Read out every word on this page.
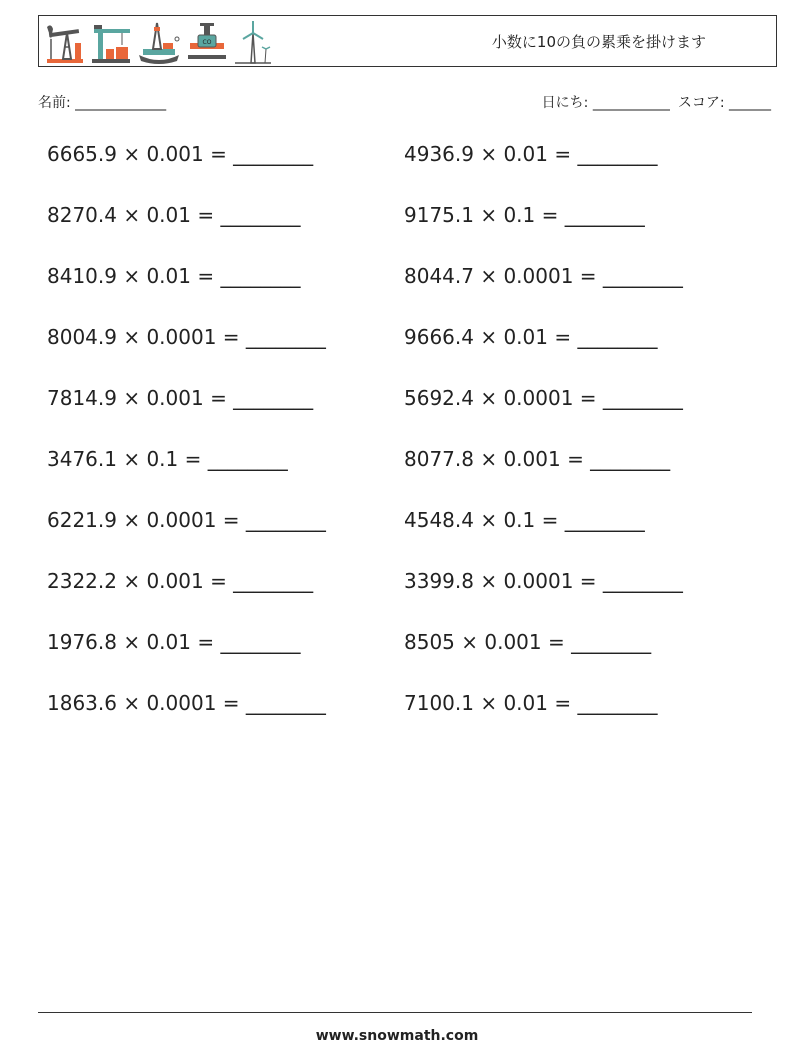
CO	小数に10の負の累乗を掛けます
名前: _____________	日にち: ___________ スコア: ______
6665.9 × 0.001 = ________	4936.9 × 0.01 = ________
8270.4 × 0.01 = ________	9175.1 × 0.1 = ________
8410.9 × 0.01 = ________	8044.7 × 0.0001 = ________
8004.9 × 0.0001 = ________	9666.4 × 0.01 = ________
7814.9 × 0.001 = ________	5692.4 × 0.0001 = ________
3476.1 × 0.1 = ________	8077.8 × 0.001 = ________
6221.9 × 0.0001 = ________	4548.4 × 0.1 = ________
2322.2 × 0.001 = ________	3399.8 × 0.0001 = ________
1976.8 × 0.01 = ________	8505 × 0.001 = ________
1863.6 × 0.0001 = ________	7100.1 × 0.01 = ________
www.snowmath.com
